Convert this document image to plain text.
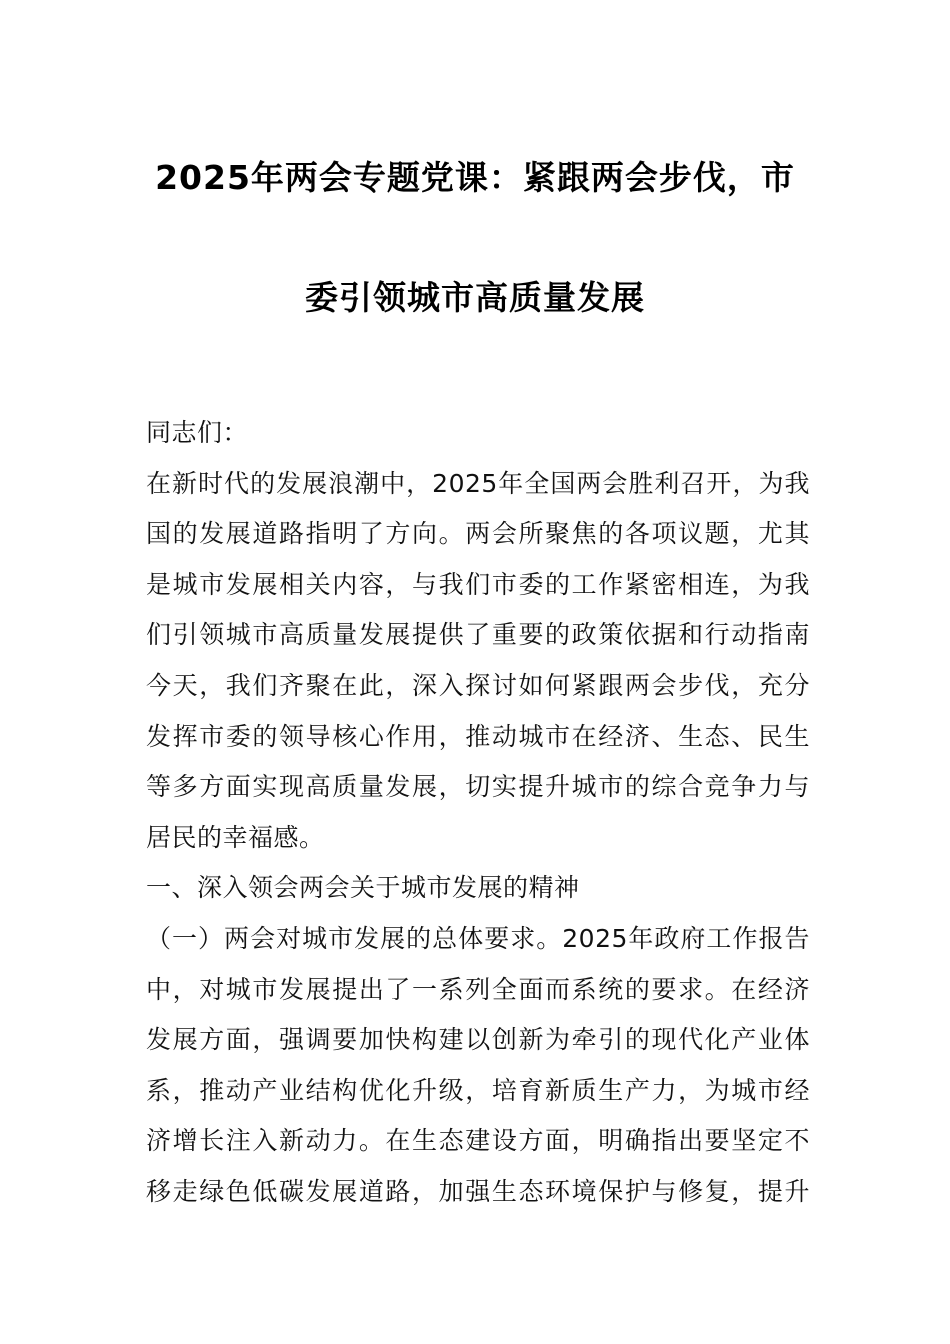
2025年两会专题党课：紧跟两会步伐，市
委引领城市高质量发展
同志们：
在新时代的发展浪潮中，2025年全国两会胜利召开，为我
国的发展道路指明了方向。两会所聚焦的各项议题，尤其
是城市发展相关内容，与我们市委的工作紧密相连，为我
们引领城市高质量发展提供了重要的政策依据和行动指南
今天，我们齐聚在此，深入探讨如何紧跟两会步伐，充分
发挥市委的领导核心作用，推动城市在经济、生态、民生
等多方面实现高质量发展，切实提升城市的综合竞争力与
居民的幸福感。
一、深入领会两会关于城市发展的精神
（一）两会对城市发展的总体要求。2025年政府工作报告
中，对城市发展提出了一系列全面而系统的要求。在经济
发展方面，强调要加快构建以创新为牵引的现代化产业体
系，推动产业结构优化升级，培育新质生产力，为城市经
济增长注入新动力。在生态建设方面，明确指出要坚定不
移走绿色低碳发展道路，加强生态环境保护与修复，提升
